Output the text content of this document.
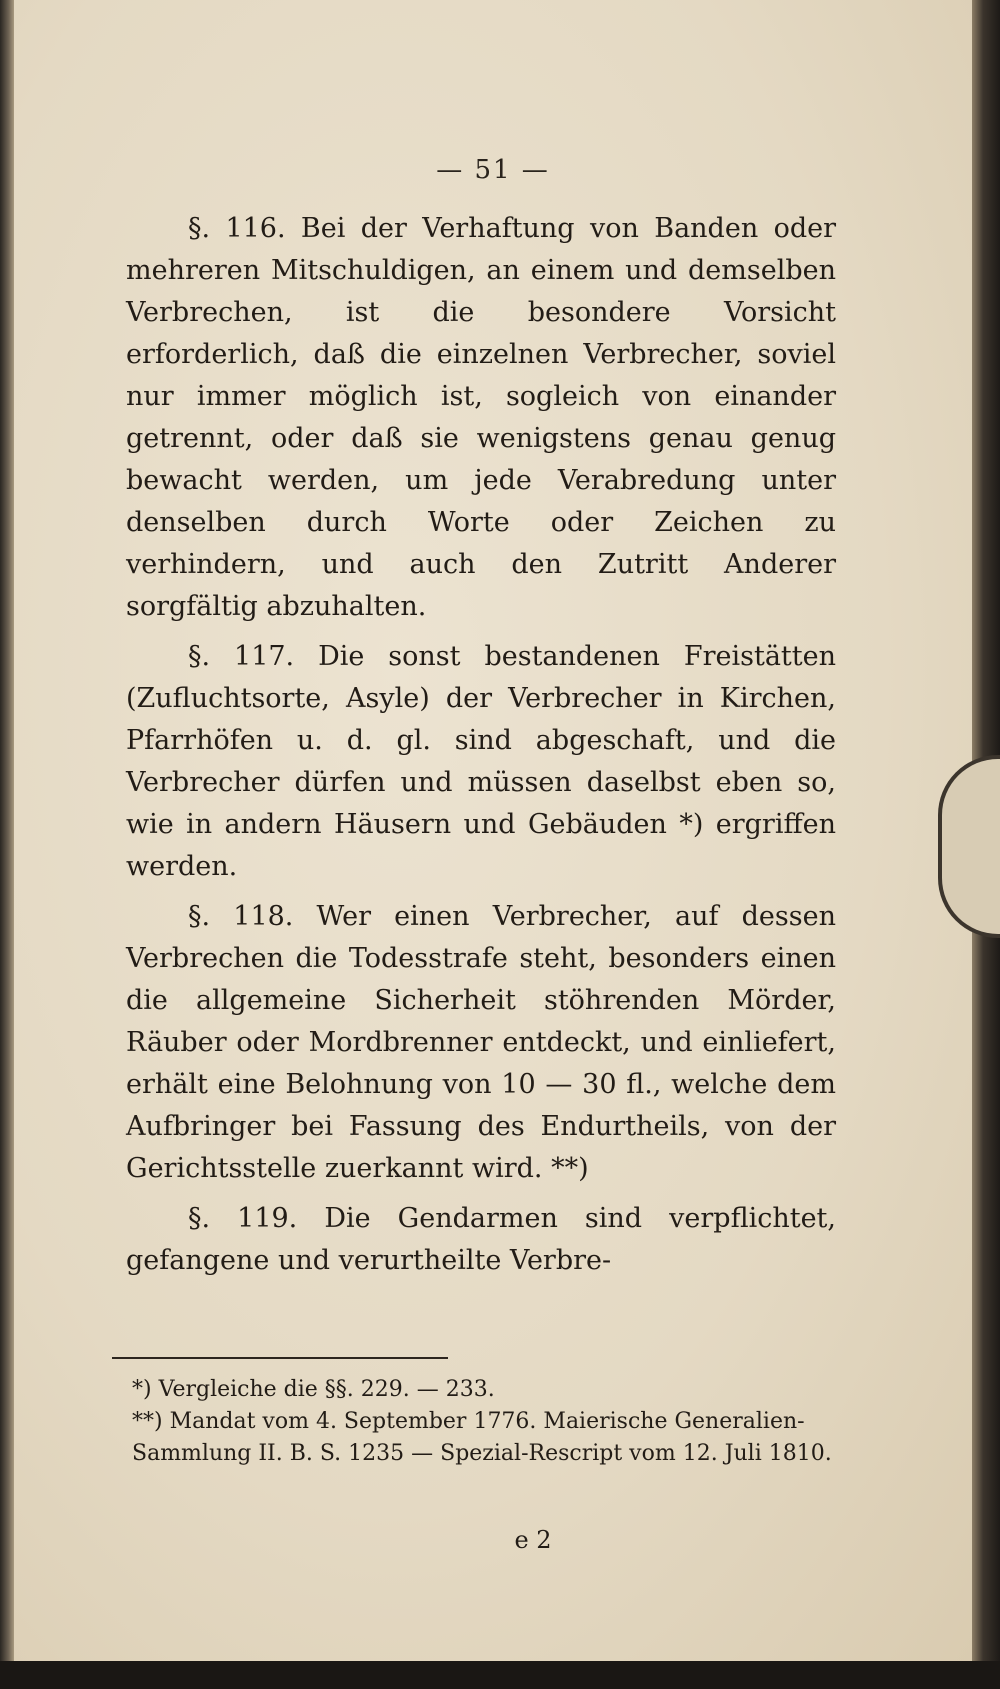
— 51 —

§. 116. Bei der Verhaftung von Banden oder mehreren Mitschuldigen, an einem und demselben Verbrechen, ist die besondere Vorsicht erforderlich, daß die einzelnen Verbrecher, soviel nur immer möglich ist, sogleich von einander getrennt, oder daß sie wenigstens genau genug bewacht werden, um jede Verabredung unter denselben durch Worte oder Zeichen zu verhindern, und auch den Zutritt Anderer sorgfältig abzuhalten.

§. 117. Die sonst bestandenen Freistätten (Zufluchtsorte, Asyle) der Verbrecher in Kirchen, Pfarrhöfen u. d. gl. sind abgeschaft, und die Verbrecher dürfen und müssen daselbst eben so, wie in andern Häusern und Gebäuden *) ergriffen werden.

§. 118. Wer einen Verbrecher, auf dessen Verbrechen die Todesstrafe steht, besonders einen die allgemeine Sicherheit stöhrenden Mörder, Räuber oder Mordbrenner entdeckt, und einliefert, erhält eine Belohnung von 10 — 30 fl., welche dem Aufbringer bei Fassung des Endurtheils, von der Gerichtsstelle zuerkannt wird. **)

§. 119. Die Gendarmen sind verpflichtet, gefangene und verurtheilte Verbre-

*) Vergleiche die §§. 229. — 233.
**) Mandat vom 4. September 1776. Maierische Generalien-Sammlung II. B. S. 1235 — Spezial-Rescript vom 12. Juli 1810.
e 2
